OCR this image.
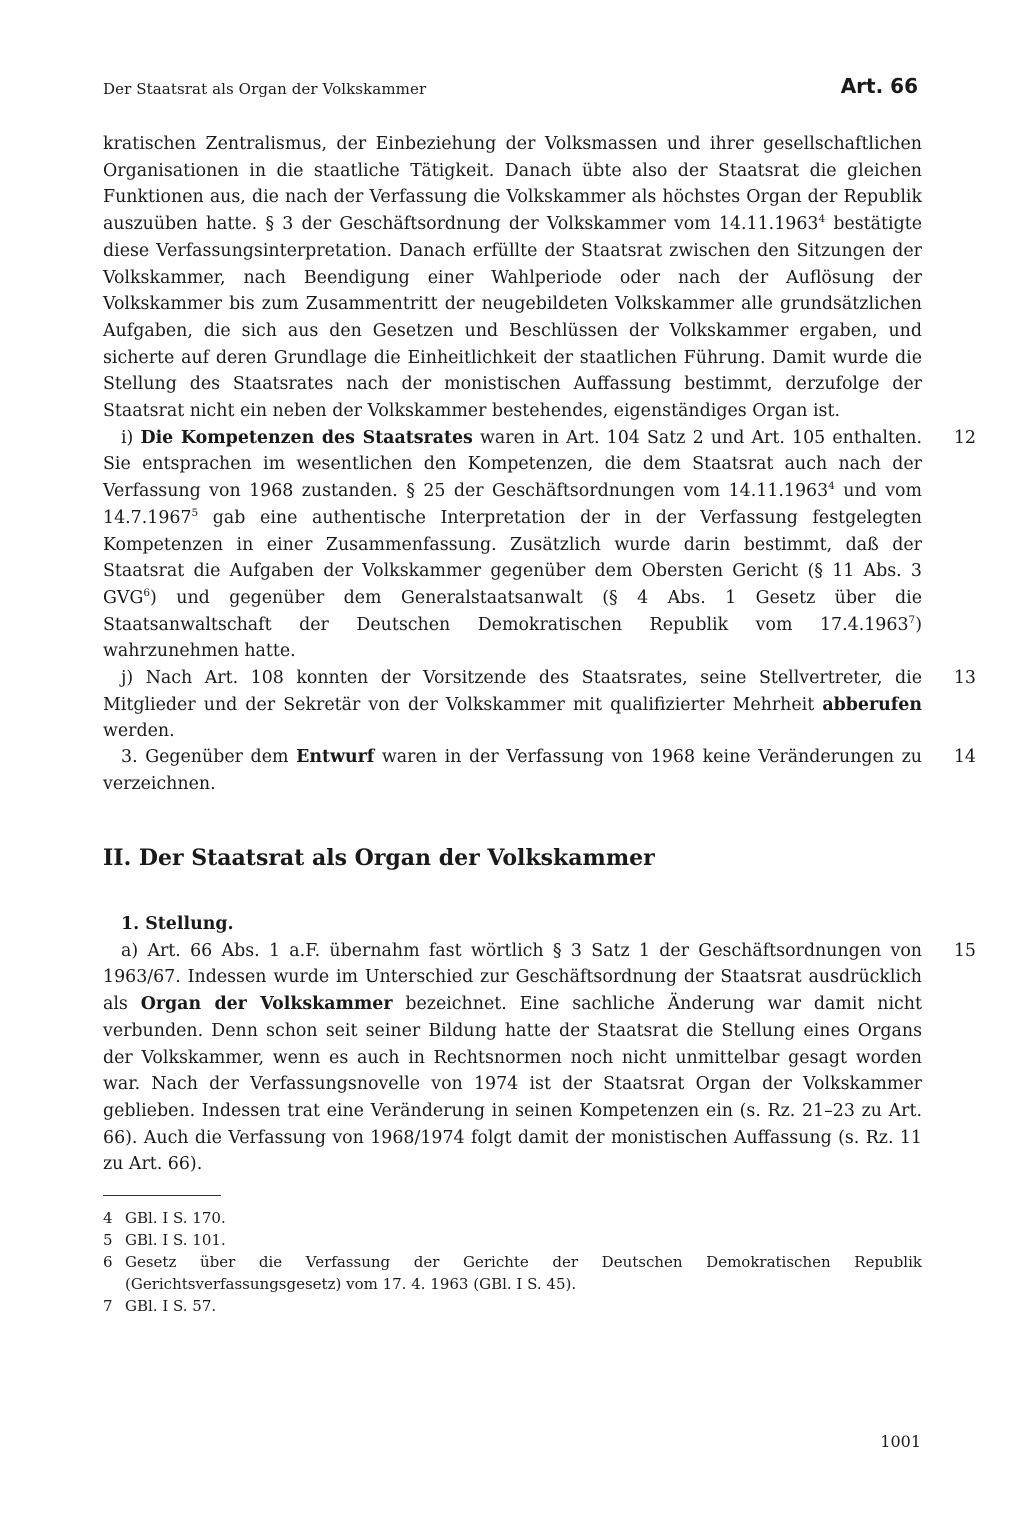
Der Staatsrat als Organ der Volkskammer	Art. 66

kratischen Zentralismus, der Einbeziehung der Volksmassen und ihrer gesellschaftlichen Organisationen in die staatliche Tätigkeit. Danach übte also der Staatsrat die gleichen Funktionen aus, die nach der Verfassung die Volkskammer als höchstes Organ der Republik auszuüben hatte. § 3 der Geschäftsordnung der Volkskammer vom 14.11.1963$^4$ bestätigte diese Verfassungsinterpretation. Danach erfüllte der Staatsrat zwischen den Sitzungen der Volkskammer, nach Beendigung einer Wahlperiode oder nach der Auflösung der Volkskammer bis zum Zusammentritt der neugebildeten Volkskammer alle grundsätzlichen Aufgaben, die sich aus den Gesetzen und Beschlüssen der Volkskammer ergaben, und sicherte auf deren Grundlage die Einheitlichkeit der staatlichen Führung. Damit wurde die Stellung des Staatsrates nach der monistischen Auffassung bestimmt, derzufolge der Staatsrat nicht ein neben der Volkskammer bestehendes, eigenständiges Organ ist.

12
i) Die Kompetenzen des Staatsrates waren in Art. 104 Satz 2 und Art. 105 enthalten. Sie entsprachen im wesentlichen den Kompetenzen, die dem Staatsrat auch nach der Verfassung von 1968 zustanden. § 25 der Geschäftsordnungen vom 14.11.1963$^4$ und vom 14.7.1967$^5$ gab eine authentische Interpretation der in der Verfassung festgelegten Kompetenzen in einer Zusammenfassung. Zusätzlich wurde darin bestimmt, daß der Staatsrat die Aufgaben der Volkskammer gegenüber dem Obersten Gericht (§ 11 Abs. 3 GVG$^6$) und gegenüber dem Generalstaatsanwalt (§ 4 Abs. 1 Gesetz über die Staatsanwaltschaft der Deutschen Demokratischen Republik vom 17.4.1963$^7$) wahrzunehmen hatte.

13
j) Nach Art. 108 konnten der Vorsitzende des Staatsrates, seine Stellvertreter, die Mitglieder und der Sekretär von der Volkskammer mit qualifizierter Mehrheit abberufen werden.

14
3. Gegenüber dem Entwurf waren in der Verfassung von 1968 keine Veränderungen zu verzeichnen.

II. Der Staatsrat als Organ der Volkskammer

1. Stellung.

15
a) Art. 66 Abs. 1 a.F. übernahm fast wörtlich § 3 Satz 1 der Geschäftsordnungen von 1963/67. Indessen wurde im Unterschied zur Geschäftsordnung der Staatsrat ausdrücklich als Organ der Volkskammer bezeichnet. Eine sachliche Änderung war damit nicht verbunden. Denn schon seit seiner Bildung hatte der Staatsrat die Stellung eines Organs der Volkskammer, wenn es auch in Rechtsnormen noch nicht unmittelbar gesagt worden war. Nach der Verfassungsnovelle von 1974 ist der Staatsrat Organ der Volkskammer geblieben. Indessen trat eine Veränderung in seinen Kompetenzen ein (s. Rz. 21–23 zu Art. 66). Auch die Verfassung von 1968/1974 folgt damit der monistischen Auffassung (s. Rz. 11 zu Art. 66).

4 GBl. I S. 170.

5 GBl. I S. 101.

6 Gesetz über die Verfassung der Gerichte der Deutschen Demokratischen Republik (Gerichtsverfassungsgesetz) vom 17. 4. 1963 (GBl. I S. 45).

7 GBl. I S. 57.

1001
